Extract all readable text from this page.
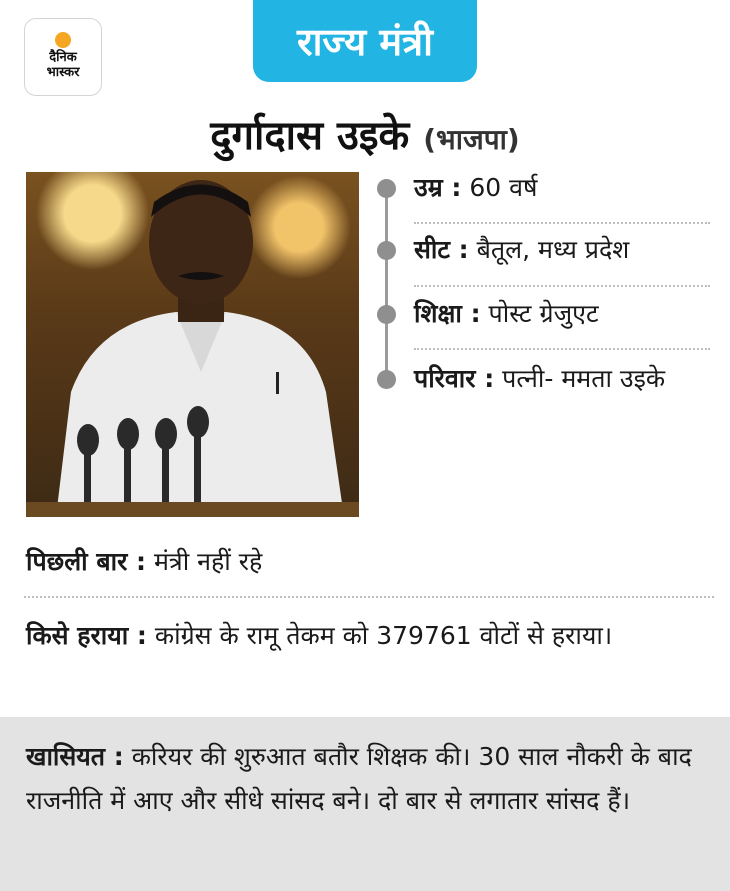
दैनिक
भास्कर
राज्य मंत्री
दुर्गादास उइके (भाजपा)
उम्र : 60 वर्ष
सीट : बैतूल, मध्य प्रदेश
शिक्षा : पोस्ट ग्रेजुएट
परिवार : पत्नी- ममता उइके
पिछली बार : मंत्री नहीं रहे
किसे हराया : कांग्रेस के रामू तेकम को 379761 वोटों से हराया।
खासियत : करियर की शुरुआत बतौर शिक्षक की। 30 साल नौकरी के बाद राजनीति में आए और सीधे सांसद बने। दो बार से लगातार सांसद हैं।
